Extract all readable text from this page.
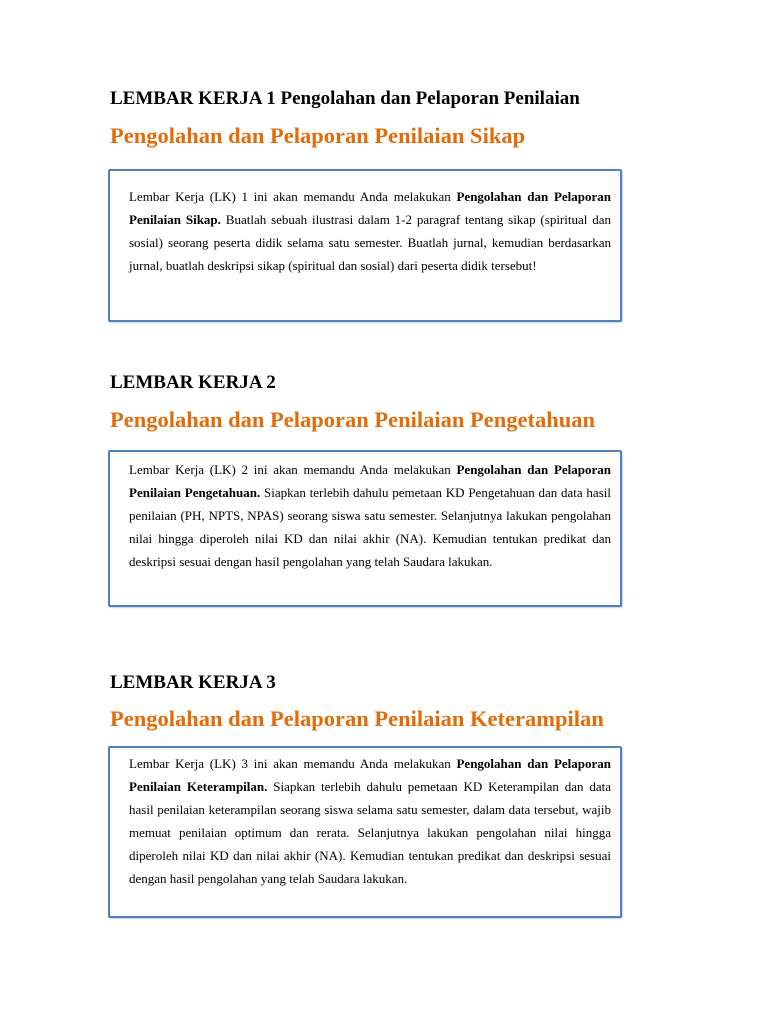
LEMBAR KERJA 1 Pengolahan dan Pelaporan Penilaian
Pengolahan dan Pelaporan Penilaian Sikap

Lembar Kerja (LK) 1 ini akan memandu Anda melakukan Pengolahan dan Pelaporan Penilaian Sikap. Buatlah sebuah ilustrasi dalam 1-2 paragraf tentang sikap (spiritual dan sosial) seorang peserta didik selama satu semester. Buatlah jurnal, kemudian berdasarkan jurnal, buatlah deskripsi sikap (spiritual dan sosial) dari peserta didik tersebut!

LEMBAR KERJA 2
Pengolahan dan Pelaporan Penilaian Pengetahuan

Lembar Kerja (LK) 2 ini akan memandu Anda melakukan Pengolahan dan Pelaporan Penilaian Pengetahuan. Siapkan terlebih dahulu pemetaan KD Pengetahuan dan data hasil penilaian (PH, NPTS, NPAS) seorang siswa satu semester. Selanjutnya lakukan pengolahan nilai hingga diperoleh nilai KD dan nilai akhir (NA). Kemudian tentukan predikat dan deskripsi sesuai dengan hasil pengolahan yang telah Saudara lakukan.

LEMBAR KERJA 3
Pengolahan dan Pelaporan Penilaian Keterampilan

Lembar Kerja (LK) 3 ini akan memandu Anda melakukan Pengolahan dan Pelaporan Penilaian Keterampilan. Siapkan terlebih dahulu pemetaan KD Keterampilan dan data hasil penilaian keterampilan seorang siswa selama satu semester, dalam data tersebut, wajib memuat penilaian optimum dan rerata. Selanjutnya lakukan pengolahan nilai hingga diperoleh nilai KD dan nilai akhir (NA). Kemudian tentukan predikat dan deskripsi sesuai dengan hasil pengolahan yang telah Saudara lakukan.
